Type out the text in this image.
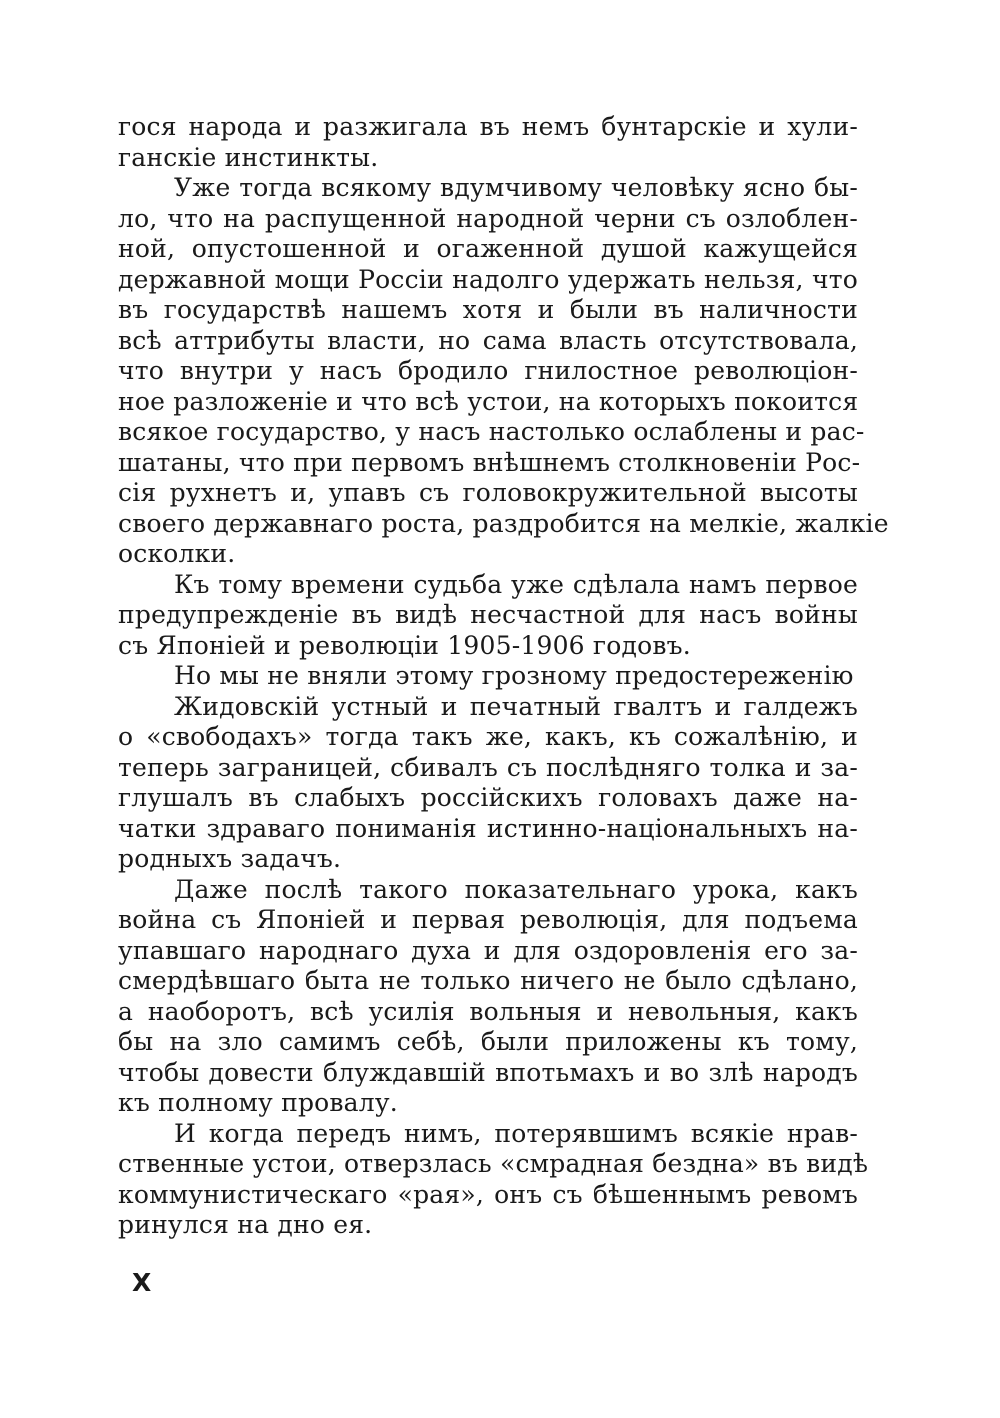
гося народа и разжигала въ немъ бунтарскiе и хули-
ганскiе инстинкты.
Уже тогда всякому вдумчивому человѣку ясно бы-
ло, что на распущенной народной черни съ озлоблен-
ной, опустошенной и огаженной душой кажущейся
державной мощи Россiи надолго удержать нельзя, что
въ государствѣ нашемъ хотя и были въ наличности
всѣ аттрибуты власти, но сама власть отсутствовала,
что внутри у насъ бродило гнилостное революцiон-
ное разложенiе и что всѣ устои, на которыхъ покоится
всякое государство, у насъ настолько ослаблены и рас-
шатаны, что при первомъ внѣшнемъ столкновенiи Рос-
сiя рухнетъ и, упавъ съ головокружительной высоты
своего державнаго роста, раздробится на мелкiе, жалкiе
осколки.
Къ тому времени судьба уже сдѣлала намъ первое
предупрежденiе въ видѣ несчастной для насъ войны
съ Японiей и революцiи 1905-1906 годовъ.
Но мы не вняли этому грозному предостереженiю
Жидовскiй устный и печатный гвалтъ и галдежъ
о «свободахъ» тогда такъ же, какъ, къ сожалѣнiю, и
теперь заграницей, сбивалъ съ послѣдняго толка и за-
глушалъ въ слабыхъ россiйскихъ головахъ даже на-
чатки здраваго пониманiя истинно-нацiональныхъ на-
родныхъ задачъ.
Даже послѣ такого показательнаго урока, какъ
война съ Японiей и первая революцiя, для подъема
упавшаго народнаго духа и для оздоровленiя его за-
смердѣвшаго быта не только ничего не было сдѣлано,
а наоборотъ, всѣ усилiя вольныя и невольныя, какъ
бы на зло самимъ себѣ, были приложены къ тому,
чтобы довести блуждавшiй впотьмахъ и во злѣ народъ
къ полному провалу.
И когда передъ нимъ, потерявшимъ всякiе нрав-
ственные устои, отверзлась «смрадная бездна» въ видѣ
коммунистическаго «рая», онъ съ бѣшеннымъ ревомъ
ринулся на дно ея.
X
